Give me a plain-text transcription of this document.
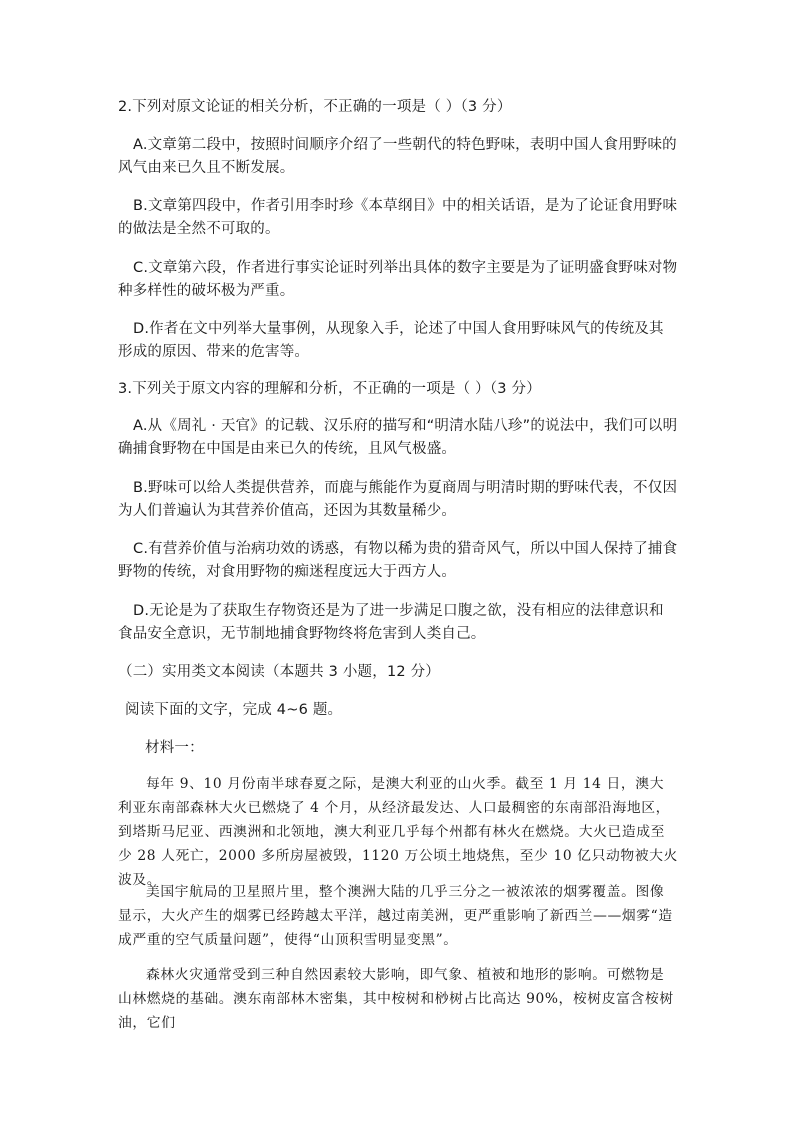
2.下列对原文论证的相关分析，不正确的一项是（ ）（3 分）

A.文章第二段中，按照时间顺序介绍了一些朝代的特色野味，表明中国人食用野味的风气由来已久且不断发展。

B.文章第四段中，作者引用李时珍《本草纲目》中的相关话语，是为了论证食用野味的做法是全然不可取的。

C.文章第六段，作者进行事实论证时列举出具体的数字主要是为了证明盛食野味对物种多样性的破坏极为严重。

D.作者在文中列举大量事例，从现象入手，论述了中国人食用野味风气的传统及其形成的原因、带来的危害等。

3.下列关于原文内容的理解和分析，不正确的一项是（ ）（3 分）

A.从《周礼 · 天官》的记载、汉乐府的描写和“明清水陆八珍”的说法中，我们可以明确捕食野物在中国是由来已久的传统，且风气极盛。

B.野味可以给人类提供营养，而鹿与熊能作为夏商周与明清时期的野味代表，不仅因为人们普遍认为其营养价值高，还因为其数量稀少。

C.有营养价值与治病功效的诱惑，有物以稀为贵的猎奇风气，所以中国人保持了捕食野物的传统，对食用野物的痴迷程度远大于西方人。

D.无论是为了获取生存物资还是为了进一步满足口腹之欲，没有相应的法律意识和食品安全意识，无节制地捕食野物终将危害到人类自己。

（二）实用类文本阅读（本题共 3 小题，12 分）

阅读下面的文字，完成 4~6 题。

材料一：

每年 9、10 月份南半球春夏之际，是澳大利亚的山火季。截至 1 月 14 日，澳大利亚东南部森林大火已燃烧了 4 个月，从经济最发达、人口最稠密的东南部沿海地区，到塔斯马尼亚、西澳洲和北领地，澳大利亚几乎每个州都有林火在燃烧。大火已造成至少 28 人死亡，2000 多所房屋被毁，1120 万公顷土地烧焦，至少 10 亿只动物被大火波及。

美国宇航局的卫星照片里，整个澳洲大陆的几乎三分之一被浓浓的烟雾覆盖。图像显示，大火产生的烟雾已经跨越太平洋，越过南美洲，更严重影响了新西兰——烟雾“造成严重的空气质量问题”，使得“山顶积雪明显变黑”。

森林火灾通常受到三种自然因素较大影响，即气象、植被和地形的影响。可燃物是山林燃烧的基础。澳东南部林木密集，其中桉树和桫树占比高达 90%，桉树皮富含桉树油，它们
